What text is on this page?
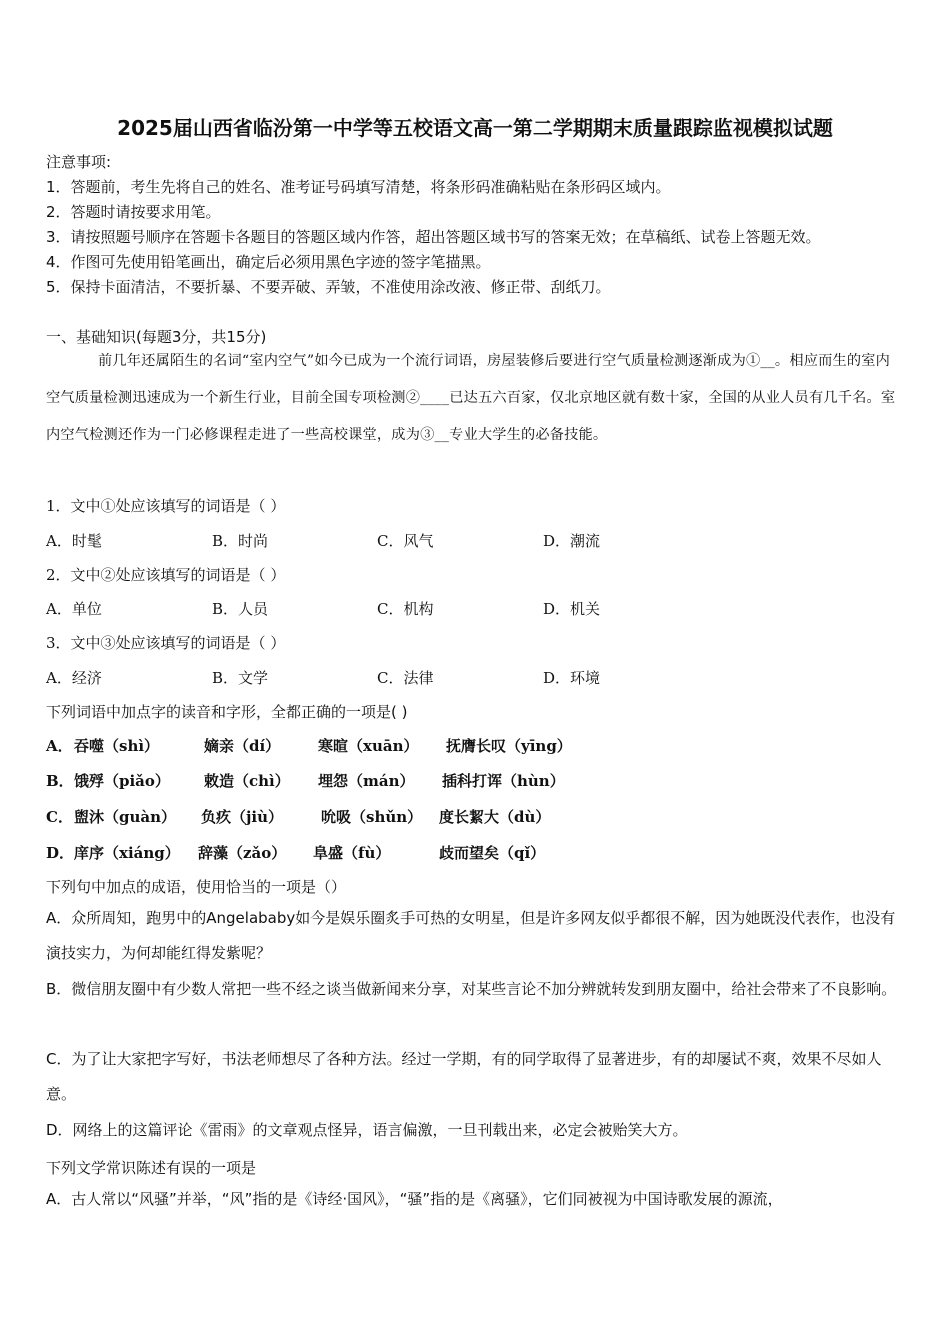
2025届山西省临汾第一中学等五校语文高一第二学期期末质量跟踪监视模拟试题
注意事项:
1．答题前，考生先将自己的姓名、准考证号码填写清楚，将条形码准确粘贴在条形码区域内。
2．答题时请按要求用笔。
3．请按照题号顺序在答题卡各题目的答题区域内作答，超出答题区域书写的答案无效；在草稿纸、试卷上答题无效。
4．作图可先使用铅笔画出，确定后必须用黑色字迹的签字笔描黑。
5．保持卡面清洁，不要折暴、不要弄破、弄皱，不准使用涂改液、修正带、刮纸刀。
一、基础知识(每题3分，共15分)
前几年还属陌生的名词“室内空气”如今已成为一个流行词语，房屋装修后要进行空气质量检测逐渐成为①__。相应而生的室内空气质量检测迅速成为一个新生行业，目前全国专项检测②____已达五六百家，仅北京地区就有数十家，全国的从业人员有几千名。室内空气检测还作为一门必修课程走进了一些高校课堂，成为③__专业大学生的必备技能。
1．文中①处应该填写的词语是（ ）
A．时髦	B．时尚	C．风气	D．潮流
2．文中②处应该填写的词语是（ ）
A．单位	B．人员	C．机构	D．机关
3．文中③处应该填写的词语是（ ）
A．经济	B．文学	C．法律	D．环境
下列词语中加点字的读音和字形，全都正确的一项是( )
A． 吞噬（shì）	嫡亲（dí）	寒暄（xuān） 抚膺长叹（yīng）
B． 饿殍（piǎo） 敕造（chì） 埋怨（mán） 插科打诨（hùn）
C． 盥沐（guàn） 负疚（jiù）	吮吸（shǔn） 度长絜大（dù）
D． 庠序（xiáng） 辞藻（zǎo） 阜盛（fù）	歧而望矣（qǐ）
下列句中加点的成语，使用恰当的一项是（）
A．众所周知，跑男中的Angelababy如今是娱乐圈炙手可热的女明星，但是许多网友似乎都很不解，因为她既没代表作，也没有演技实力，为何却能红得发紫呢？
B．微信朋友圈中有少数人常把一些不经之谈当做新闻来分享，对某些言论不加分辨就转发到朋友圈中，给社会带来了不良影响。
C．为了让大家把字写好，书法老师想尽了各种方法。经过一学期，有的同学取得了显著进步，有的却屡试不爽，效果不尽如人意。
D．网络上的这篇评论《雷雨》的文章观点怪异，语言偏激，一旦刊载出来，必定会被贻笑大方。
下列文学常识陈述有误的一项是
A．古人常以“风骚”并举，“风”指的是《诗经·国风》，“骚”指的是《离骚》，它们同被视为中国诗歌发展的源流，
